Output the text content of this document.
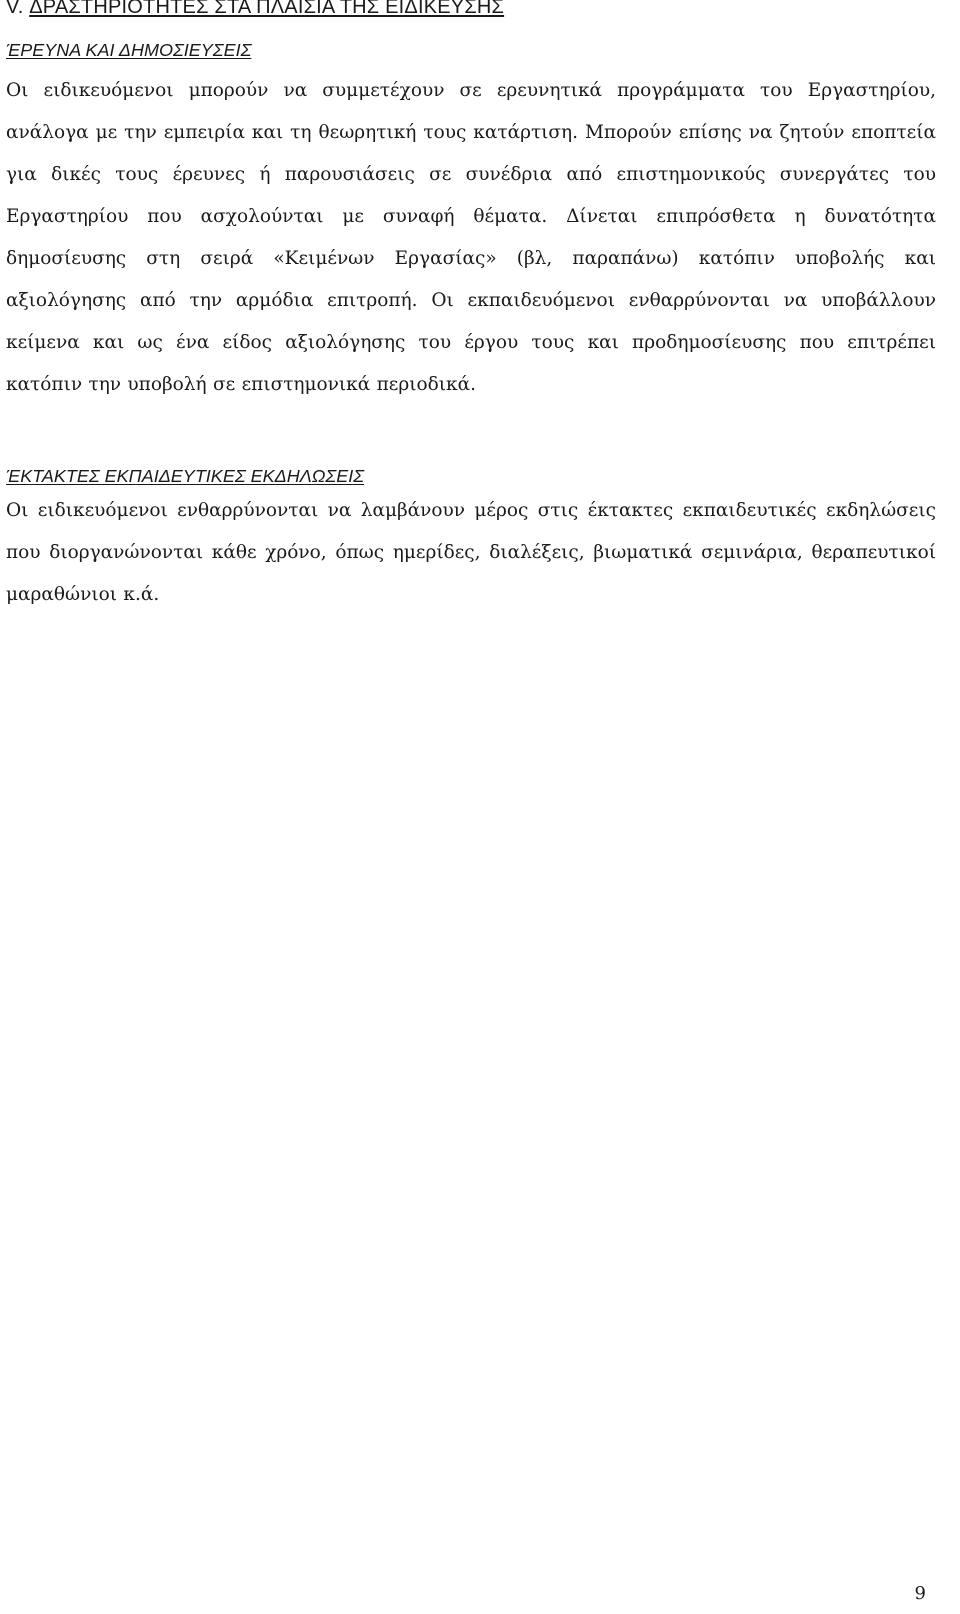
V. ΔΡΑΣΤΗΡΙΟΤΗΤΕΣ ΣΤΑ ΠΛΑΙΣΙΑ ΤΗΣ ΕΙΔΙΚΕΥΣΗΣ
ΈΡΕΥΝΑ ΚΑΙ ΔΗΜΟΣΙΕΥΣΕΙΣ

Οι ειδικευόμενοι μπορούν να συμμετέχουν σε ερευνητικά προγράμματα του Εργαστηρίου, ανάλογα με την εμπειρία και τη θεωρητική τους κατάρτιση. Μπορούν επίσης να ζητούν εποπτεία για δικές τους έρευνες ή παρουσιάσεις σε συνέδρια από επιστημονικούς συνεργάτες του Εργαστηρίου που ασχολούνται με συναφή θέματα. Δίνεται επιπρόσθετα η δυνατότητα δημοσίευσης στη σειρά «Κειμένων Εργασίας» (βλ, παραπάνω) κατόπιν υποβολής και αξιολόγησης από την αρμόδια επιτροπή. Οι εκπαιδευόμενοι ενθαρρύνονται να υποβάλλουν κείμενα και ως ένα είδος αξιολόγησης του έργου τους και προδημοσίευσης που επιτρέπει κατόπιν την υποβολή σε επιστημονικά περιοδικά.

ΈΚΤΑΚΤΕΣ ΕΚΠΑΙΔΕΥΤΙΚΕΣ ΕΚΔΗΛΩΣΕΙΣ

Οι ειδικευόμενοι ενθαρρύνονται να λαμβάνουν μέρος στις έκτακτες εκπαιδευτικές εκδηλώσεις που διοργανώνονται κάθε χρόνο, όπως ημερίδες, διαλέξεις, βιωματικά σεμινάρια, θεραπευτικοί μαραθώνιοι κ.ά.

9
